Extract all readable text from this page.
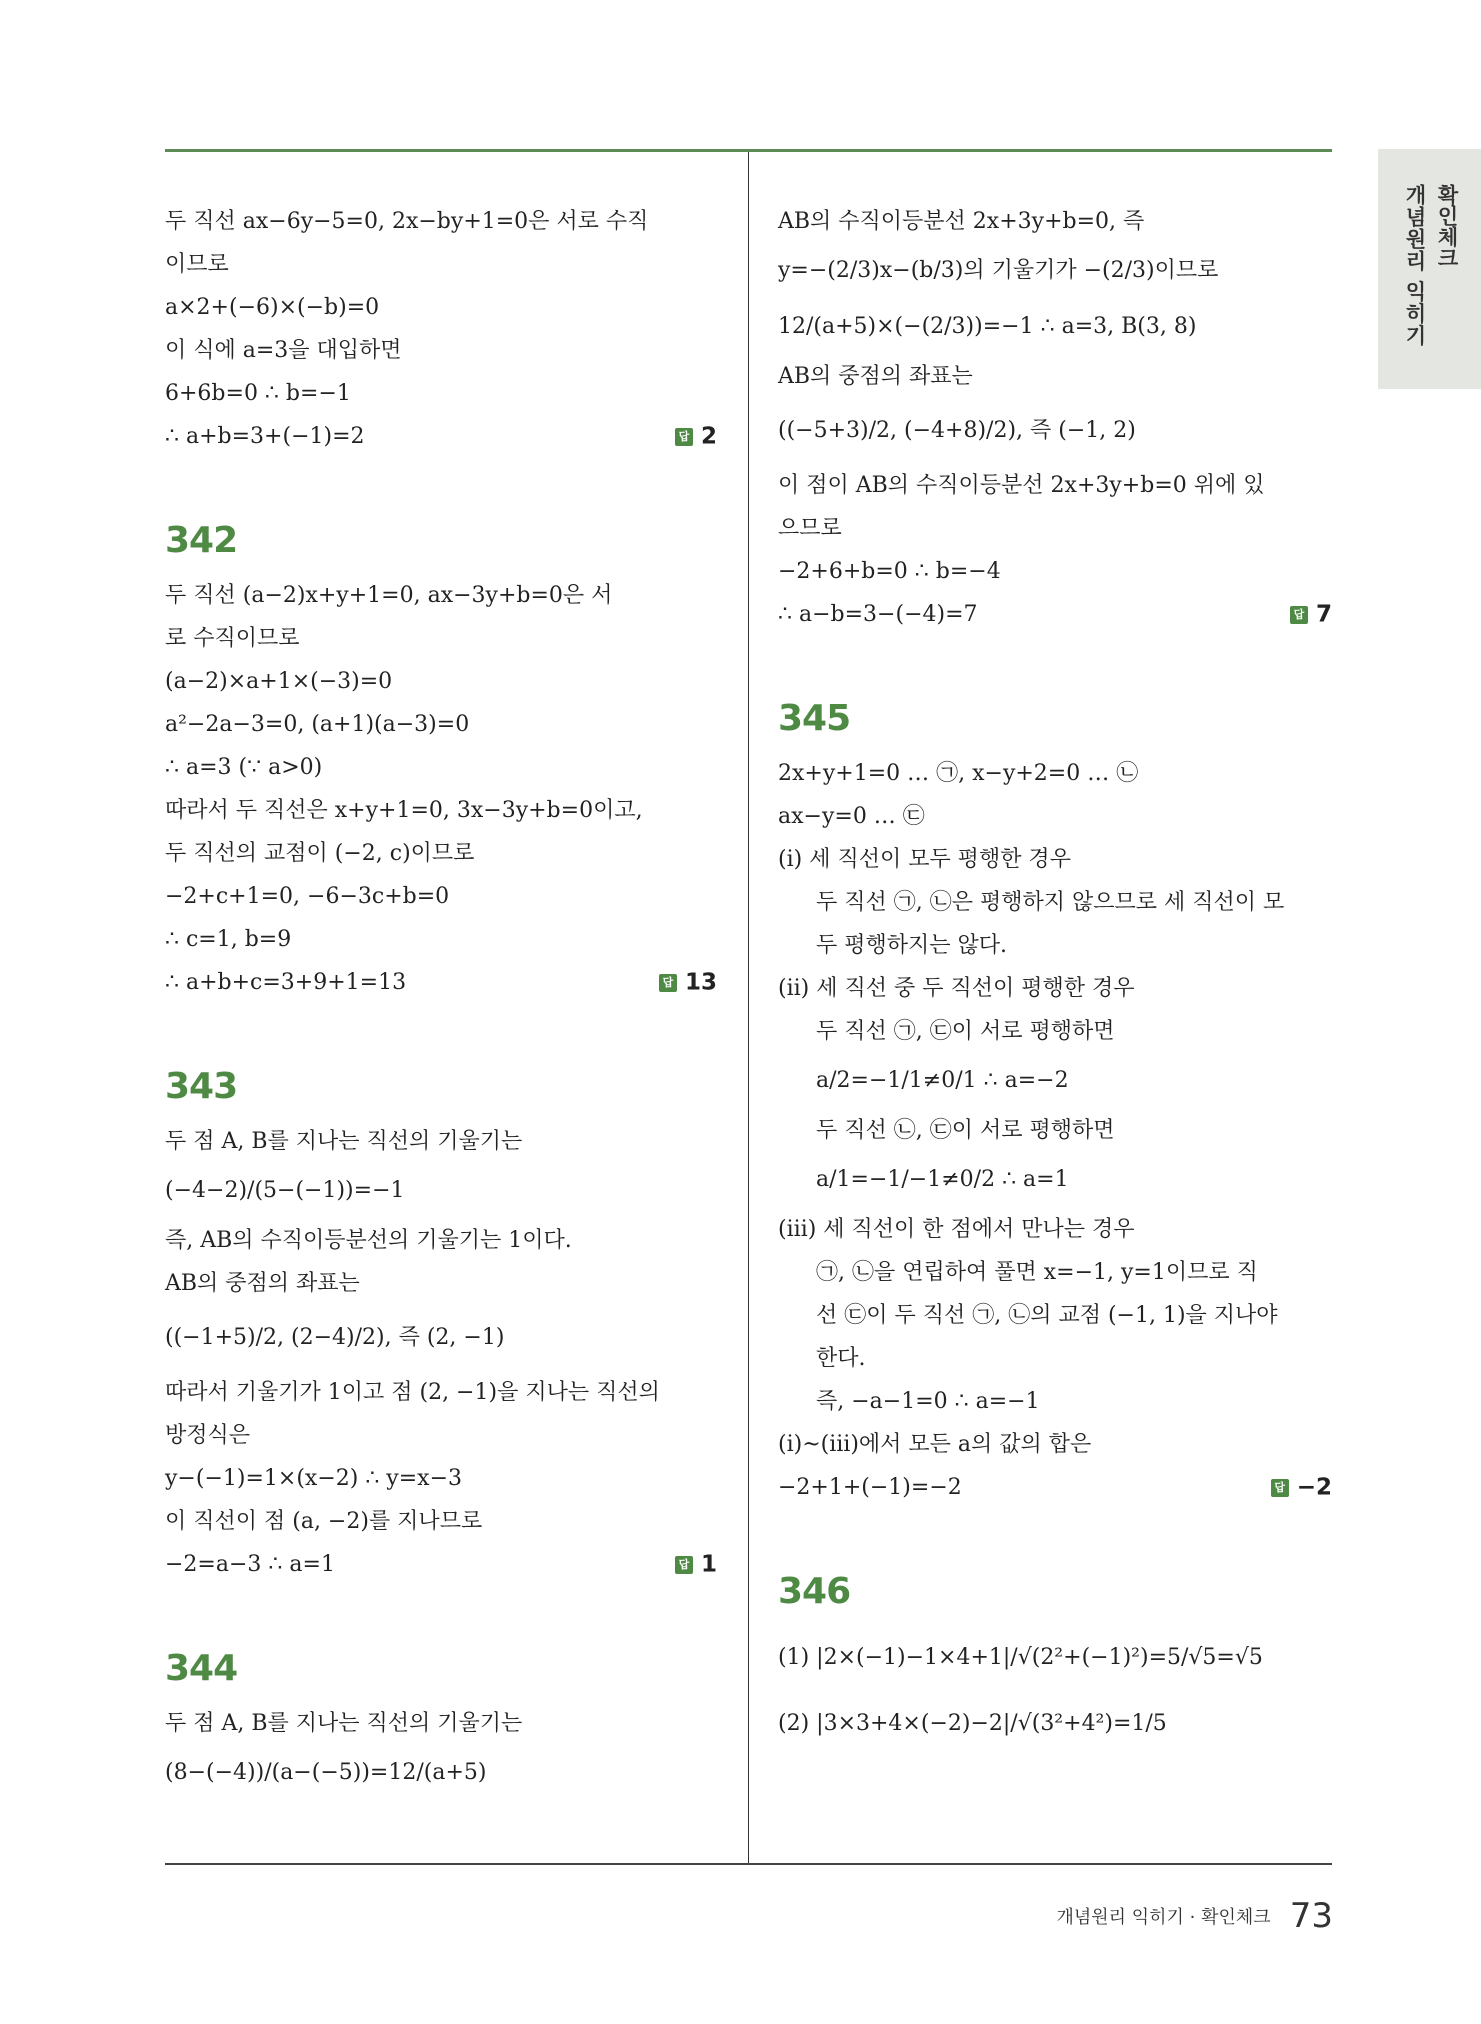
개념원리 익히기 확인체크
두 직선 ax−6y−5=0, 2x−by+1=0은 서로 수직
이므로
a×2+(−6)×(−b)=0
이 식에 a=3을 대입하면
6+6b=0 ∴ b=−1
∴ a+b=3+(−1)=2	답 2
342
두 직선 (a−2)x+y+1=0, ax−3y+b=0은 서
로 수직이므로
(a−2)×a+1×(−3)=0
a²−2a−3=0, (a+1)(a−3)=0
∴ a=3 (∵ a>0)
따라서 두 직선은 x+y+1=0, 3x−3y+b=0이고,
두 직선의 교점이 (−2, c)이므로
−2+c+1=0, −6−3c+b=0
∴ c=1, b=9
∴ a+b+c=3+9+1=13	답 13
343
두 점 A, B를 지나는 직선의 기울기는
(−4−2)/(5−(−1))=−1
즉, AB의 수직이등분선의 기울기는 1이다.
AB의 중점의 좌표는
((−1+5)/2, (2−4)/2), 즉 (2, −1)
따라서 기울기가 1이고 점 (2, −1)을 지나는 직선의
방정식은
y−(−1)=1×(x−2) ∴ y=x−3
이 직선이 점 (a, −2)를 지나므로
−2=a−3 ∴ a=1	답 1
344
두 점 A, B를 지나는 직선의 기울기는
(8−(−4))/(a−(−5))=12/(a+5)
AB의 수직이등분선 2x+3y+b=0, 즉
y=−(2/3)x−(b/3)의 기울기가 −(2/3)이므로
12/(a+5)×(−(2/3))=−1 ∴ a=3, B(3, 8)
AB의 중점의 좌표는
((−5+3)/2, (−4+8)/2), 즉 (−1, 2)
이 점이 AB의 수직이등분선 2x+3y+b=0 위에 있
으므로
−2+6+b=0 ∴ b=−4
∴ a−b=3−(−4)=7	답 7
345
2x+y+1=0 … ㉠, x−y+2=0 … ㉡
ax−y=0 … ㉢
(ⅰ) 세 직선이 모두 평행한 경우
두 직선 ㉠, ㉡은 평행하지 않으므로 세 직선이 모
두 평행하지는 않다.
(ⅱ) 세 직선 중 두 직선이 평행한 경우
두 직선 ㉠, ㉢이 서로 평행하면
a/2=−1/1≠0/1 ∴ a=−2
두 직선 ㉡, ㉢이 서로 평행하면
a/1=−1/−1≠0/2 ∴ a=1
(ⅲ) 세 직선이 한 점에서 만나는 경우
㉠, ㉡을 연립하여 풀면 x=−1, y=1이므로 직
선 ㉢이 두 직선 ㉠, ㉡의 교점 (−1, 1)을 지나야
한다.
즉, −a−1=0 ∴ a=−1
(ⅰ)~(ⅲ)에서 모든 a의 값의 합은
−2+1+(−1)=−2	답 −2
346
(1) |2×(−1)−1×4+1|/√(2²+(−1)²)=5/√5=√5
(2) |3×3+4×(−2)−2|/√(3²+4²)=1/5
개념원리 익히기 · 확인체크 73
